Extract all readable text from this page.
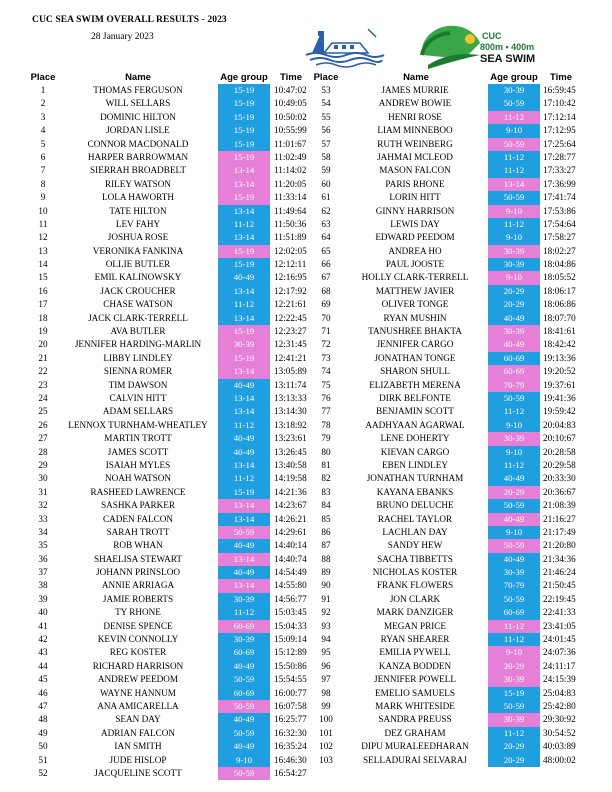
CUC SEA SWIM OVERALL RESULTS - 2023
28 January 2023	CUC
800m • 400m
SEA SWIM
Place	Name	Age group	Time	Place	Name	Age group	Time
1	THOMAS FERGUSON	15-19	10:47:02
2	WILL SELLARS	15-19	10:49:05
3	DOMINIC HILTON	15-19	10:50:02
4	JORDAN LISLE	15-19	10:55:99
5	CONNOR MACDONALD	15-19	11:01:67
6	HARPER BARROWMAN	15-19	11:02:49
7	SIERRAH BROADBELT	13-14	11:14:02
8	RILEY WATSON	13-14	11:20:05
9	LOLA HAWORTH	15-19	11:33:14
10	TATE HILTON	13-14	11:49:64
11	LEV FAHY	11-12	11:50:36
12	JOSHUA ROSE	13-14	11:51:89
13	VERONIKA FANKINA	15-19	12:02:05
14	OLLIE BUTLER	15-19	12:12:11
15	EMIL KALINOWSKY	40-49	12:16:95
16	JACK CROUCHER	13-14	12:17:92
17	CHASE WATSON	11-12	12:21:61
18	JACK CLARK-TERRELL	13-14	12:22:45
19	AVA BUTLER	15-19	12:23:27
20	JENNIFER HARDING-MARLIN	30-39	12:31:45
21	LIBBY LINDLEY	15-19	12:41:21
22	SIENNA ROMER	13-14	13:05:89
23	TIM DAWSON	40-49	13:11:74
24	CALVIN HITT	13-14	13:13:33
25	ADAM SELLARS	13-14	13:14:30
26	LENNOX TURNHAM-WHEATLEY	11-12	13:18:92
27	MARTIN TROTT	40-49	13:23:61
28	JAMES SCOTT	40-49	13:26:45
29	ISAIAH MYLES	13-14	13:40:58
30	NOAH WATSON	11-12	14:19:58
31	RASHEED LAWRENCE	15-19	14:21:36
32	SASHKA PARKER	13-14	14:23:67
33	CADEN FALCON	13-14	14:26:21
34	SARAH TROTT	50-59	14:29:61
35	ROB WHAN	40-49	14:40:14
36	SHAELISA STEWART	13-14	14:40:74
37	JOHANN PRINSLOO	40-49	14:54:49
38	ANNIE ARRIAGA	13-14	14:55:80
39	JAMIE ROBERTS	30-39	14:56:77
40	TY RHONE	11-12	15:03:45
41	DENISE SPENCE	60-69	15:04:33
42	KEVIN CONNOLLY	30-39	15:09:14
43	REG KOSTER	60-69	15:12:89
44	RICHARD HARRISON	40-49	15:50:86
45	ANDREW PEEDOM	50-59	15:54:55
46	WAYNE HANNUM	60-69	16:00:77
47	ANA AMICARELLA	50-59	16:07:58
48	SEAN DAY	40-49	16:25:77
49	ADRIAN FALCON	50-59	16:32:30
50	IAN SMITH	40-49	16:35:24
51	JUDE HISLOP	9-10	16:46:30
52	JACQUELINE SCOTT	50-59	16:54:27
53	JAMES MURRIE	30-39	16:59:45
54	ANDREW BOWIE	50-59	17:10:42
55	HENRI ROSE	11-12	17:12:14
56	LIAM MINNEBOO	9-10	17:12:95
57	RUTH WEINBERG	50-59	17:25:64
58	JAHMAI MCLEOD	11-12	17:28:77
59	MASON FALCON	11-12	17:33:27
60	PARIS RHONE	13-14	17:36:99
61	LORIN HITT	50-59	17:41:74
62	GINNY HARRISON	9-10	17:53:86
63	LEWIS DAY	11-12	17:54:64
64	EDWARD PEEDOM	9-10	17:58:27
65	ANDREA HO	30-39	18:02:27
66	PAUL JOOSTE	30-39	18:04:86
67	HOLLY CLARK-TERRELL	9-10	18:05:52
68	MATTHEW JAVIER	20-29	18:06:17
69	OLIVER TONGE	20-29	18:06:86
70	RYAN MUSHIN	40-49	18:07:70
71	TANUSHREE BHAKTA	30-39	18:41:61
72	JENNIFER CARGO	40-49	18:42:42
73	JONATHAN TONGE	60-69	19:13:36
74	SHARON SHULL	60-69	19:20:52
75	ELIZABETH MERENA	70-79	19:37:61
76	DIRK BELFONTE	50-59	19:41:36
77	BENJAMIN SCOTT	11-12	19:59:42
78	AADHYAAN AGARWAL	9-10	20:04:83
79	LENE DOHERTY	30-39	20:10:67
80	KIEVAN CARGO	9-10	20:28:58
81	EBEN LINDLEY	11-12	20:29:58
82	JONATHAN TURNHAM	40-49	20:33:30
83	KAYANA EBANKS	20-29	20:36:67
84	BRUNO DELUCHE	50-59	21:08:39
85	RACHEL TAYLOR	40-49	21:16:27
86	LACHLAN DAY	9-10	21:17:49
87	SANDY HEW	50-59	21:20:80
88	SACHA TIBBETTS	40-49	21:34:36
89	NICHOLAS KOSTER	30-39	21:46:24
90	FRANK FLOWERS	70-79	21:50:45
91	JON CLARK	50-59	22:19:45
92	MARK DANZIGER	60-69	22:41:33
93	MEGAN PRICE	11-12	23:41:05
94	RYAN SHEARER	11-12	24:01:45
95	EMILIA PYWELL	9-10	24:07:36
96	KANZA BODDEN	20-29	24:11:17
97	JENNIFER POWELL	30-39	24:15:39
98	EMELIO SAMUELS	15-19	25:04:83
99	MARK WHITESIDE	50-59	25:42:80
100	SANDRA PREUSS	30-39	29:30:92
101	DEZ GRAHAM	11-12	30:54:52
102	DIPU MURALEEDHARAN	20-29	40:03:89
103	SELLADURAI SELVARAJ	20-29	48:00:02
